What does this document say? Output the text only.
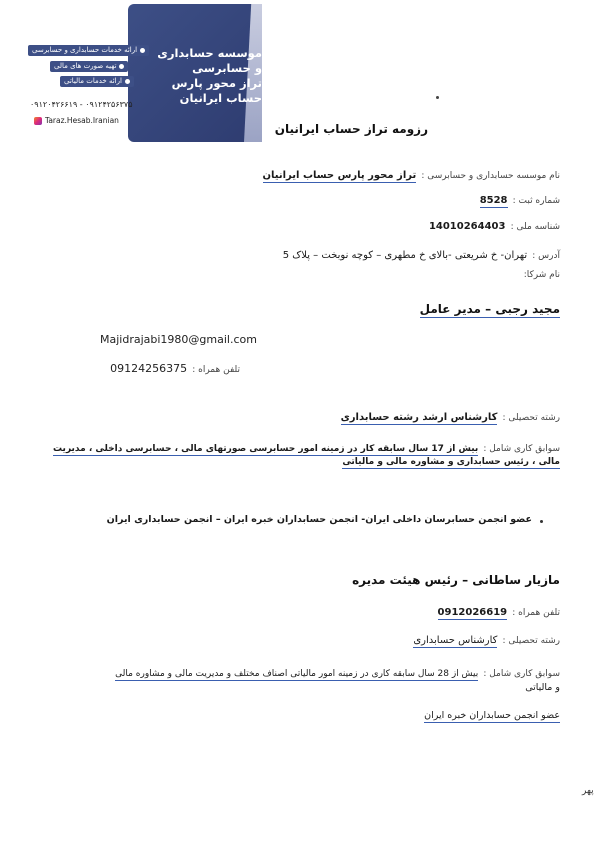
موسسه حسابداری
و حسابرسی
تراز محور پارس
حساب ایرانیان
ارائه خدمات حسابداری و حسابرسی
تهیه صورت های مالی
ارائه خدمات مالیاتی
۰۹۱۲۴۲۵۶۳۷۵ - ۰۹۱۲۰۴۲۶۶۱۹
Taraz.Hesab.Iranian
رزومه تراز حساب ایرانیان
نام موسسه حسابداری و حسابرسی : تراز محور پارس حساب ایرانیان
شماره ثبت : 8528
شناسه ملی : 14010264403
آدرس : تهران- خ شریعتی -بالای خ مطهری – کوچه نوبخت – پلاک 5
نام شرکا:
مجید رجبی – مدیر عامل
Majidrajabi1980@gmail.com
تلفن همراه : 09124256375
رشته تحصیلی : کارشناس ارشد رشته حسابداری
سوابق کاری شامل : بیش از 17 سال سابقه کار در زمینه امور حسابرسی صورتهای مالی ، حسابرسی داخلی ، مدیریت
مالی ، رئیس حسابداری و مشاوره مالی و مالیاتی
عضو انجمن حسابرسان داخلی ایران- انجمن حسابداران خبره ایران – انجمن حسابداری ایران
مازیار ساطانی – رئیس هیئت مدیره
تلفن همراه : 0912026619
رشته تحصیلی : کارشناس حسابداری
سوابق کاری شامل : بیش از 28 سال سابقه کاری در زمینه امور مالیاتی اصناف مختلف و مدیریت مالی و مشاوره مالی
و مالیاتی
عضو انجمن حسابداران خبره ایران
پهر
